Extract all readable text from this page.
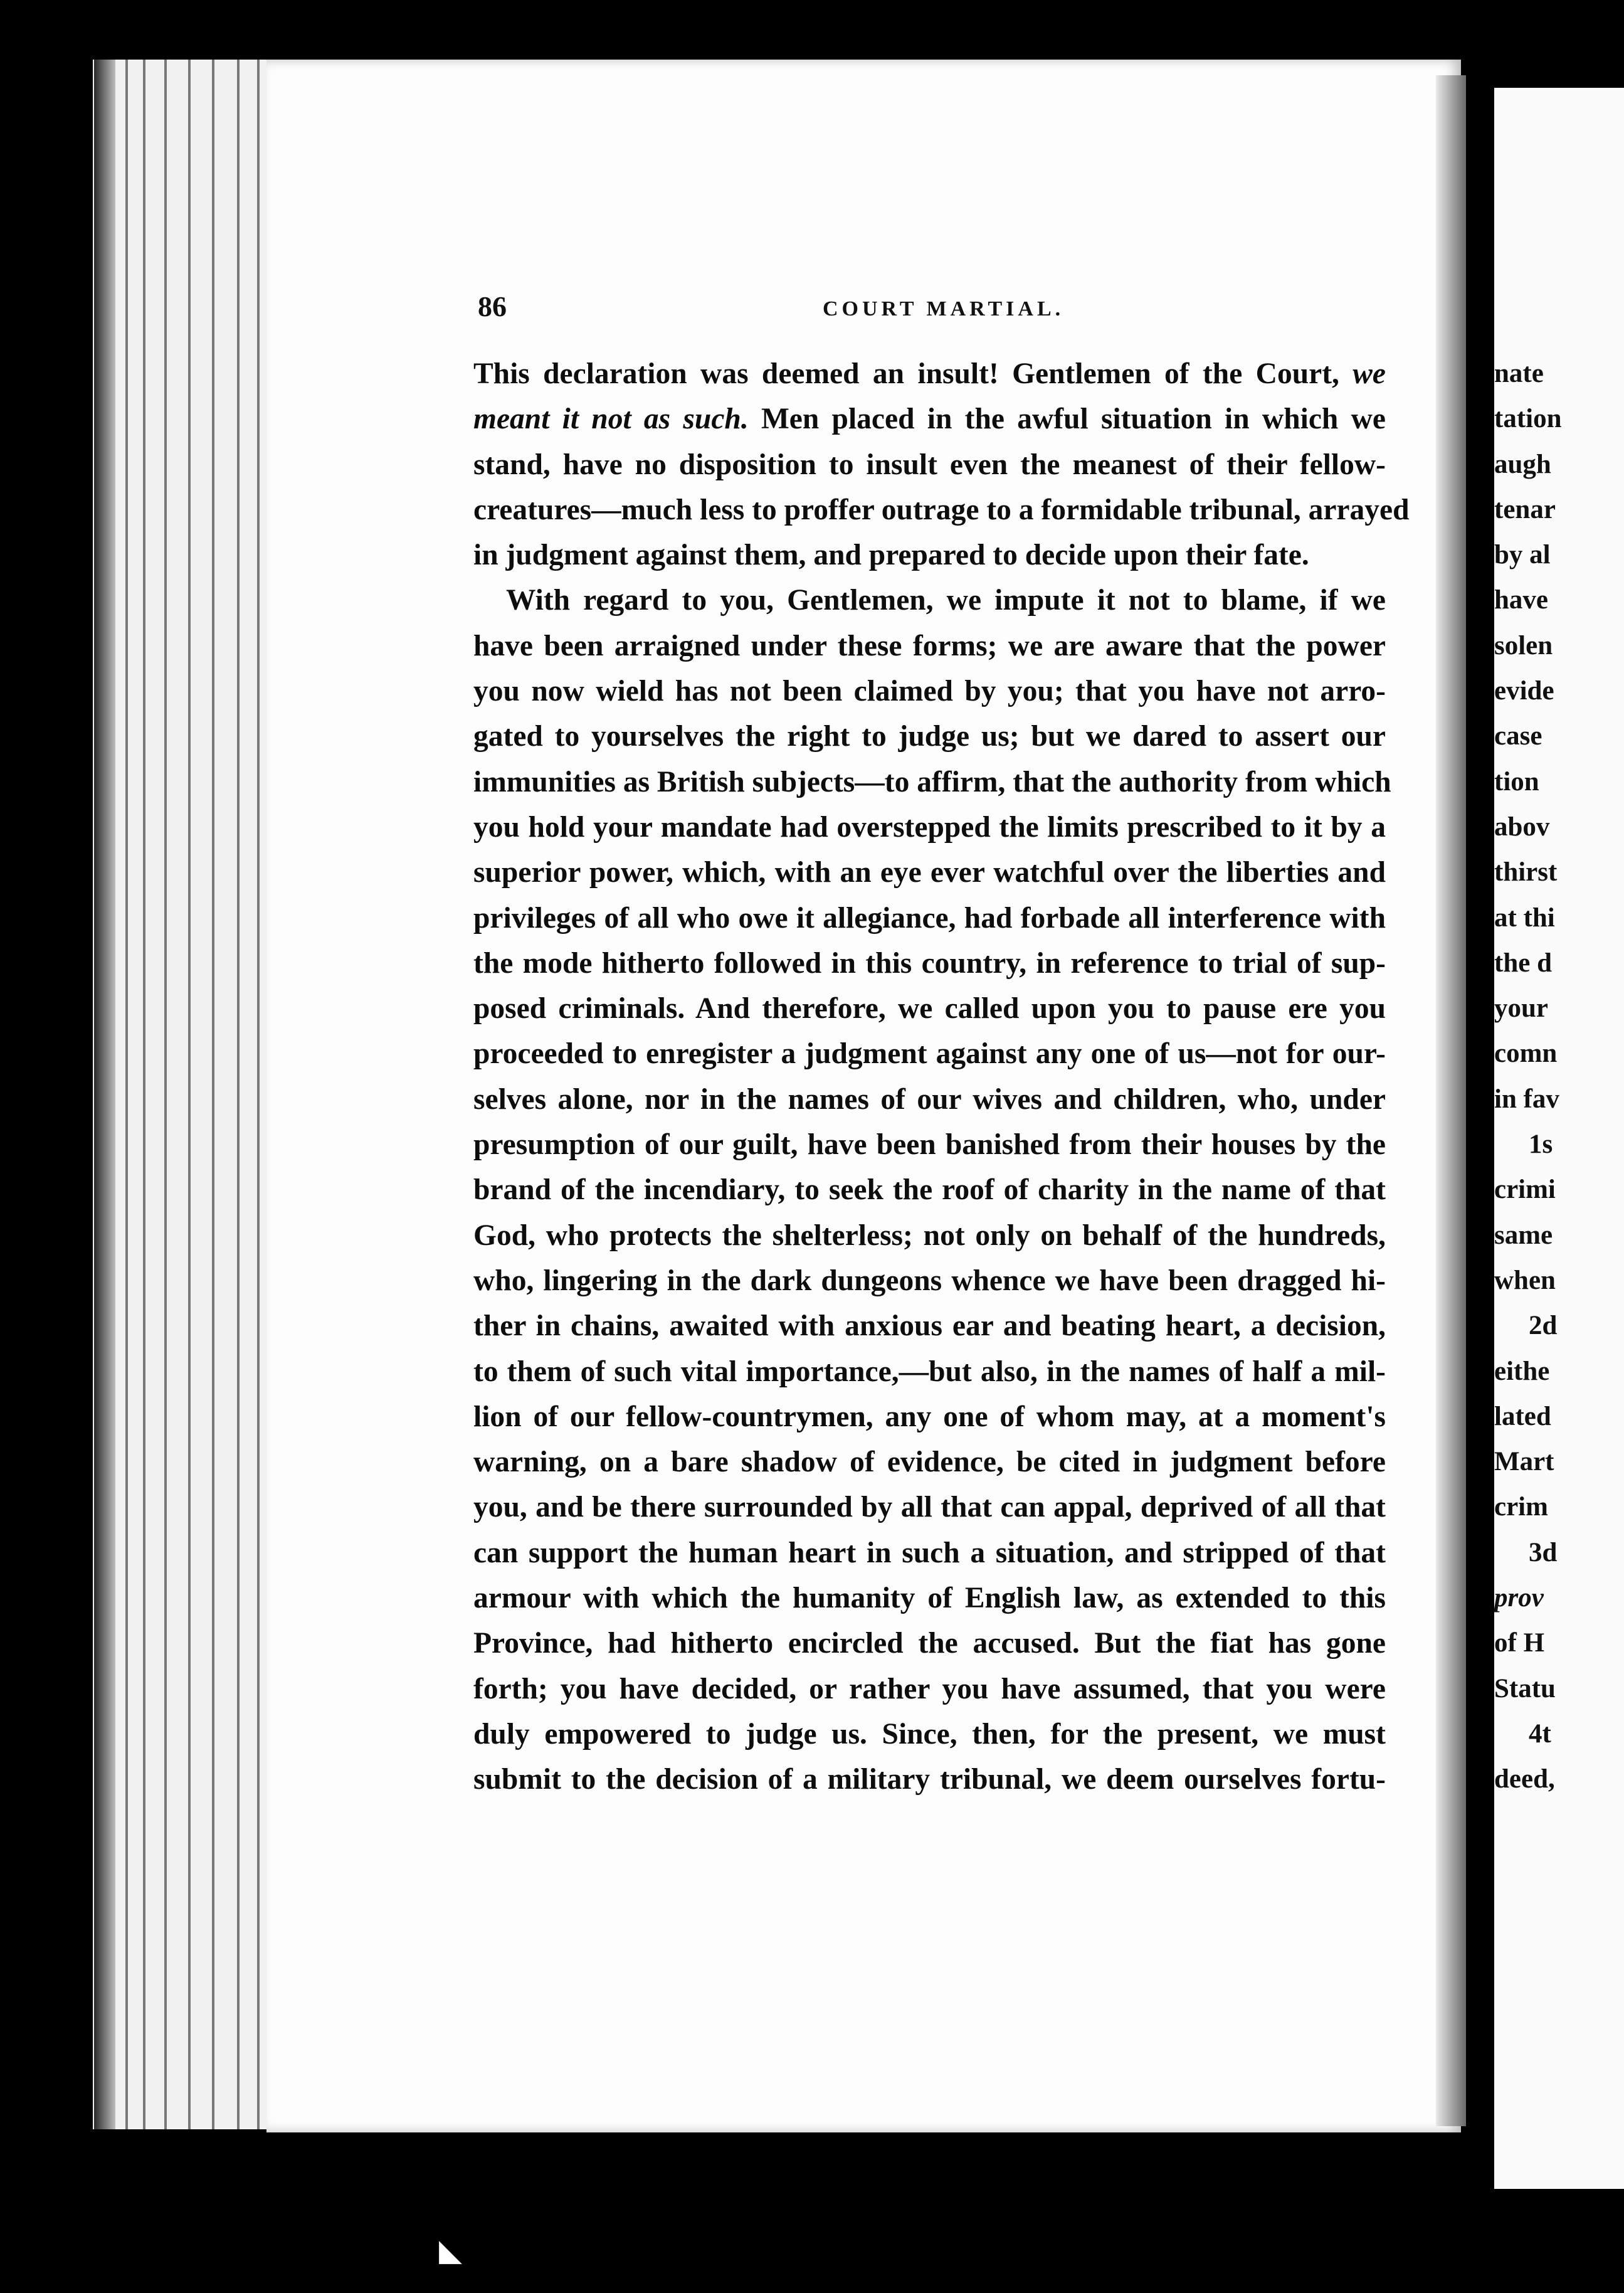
nate
tation
augh
tenar
by al
have
solen
evide
case
tion
abov
thirst
at thi
the d
your
comn
in fav
1s
crimi
same
when
2d
eithe
lated
Mart
crim
3d
prov
of H
Statu
4t
deed,
86	COURT MARTIAL.
This declaration was deemed an insult! Gentlemen of the Court, we
meant it not as such. Men placed in the awful situation in which we
stand, have no disposition to insult even the meanest of their fellow-
creatures—much less to proffer outrage to a formidable tribunal, arrayed
in judgment against them, and prepared to decide upon their fate.
With regard to you, Gentlemen, we impute it not to blame, if we
have been arraigned under these forms; we are aware that the power
you now wield has not been claimed by you; that you have not arro-
gated to yourselves the right to judge us; but we dared to assert our
immunities as British subjects—to affirm, that the authority from which
you hold your mandate had overstepped the limits prescribed to it by a
superior power, which, with an eye ever watchful over the liberties and
privileges of all who owe it allegiance, had forbade all interference with
the mode hitherto followed in this country, in reference to trial of sup-
posed criminals. And therefore, we called upon you to pause ere you
proceeded to enregister a judgment against any one of us—not for our-
selves alone, nor in the names of our wives and children, who, under
presumption of our guilt, have been banished from their houses by the
brand of the incendiary, to seek the roof of charity in the name of that
God, who protects the shelterless; not only on behalf of the hundreds,
who, lingering in the dark dungeons whence we have been dragged hi-
ther in chains, awaited with anxious ear and beating heart, a decision,
to them of such vital importance,—but also, in the names of half a mil-
lion of our fellow-countrymen, any one of whom may, at a moment's
warning, on a bare shadow of evidence, be cited in judgment before
you, and be there surrounded by all that can appal, deprived of all that
can support the human heart in such a situation, and stripped of that
armour with which the humanity of English law, as extended to this
Province, had hitherto encircled the accused. But the fiat has gone
forth; you have decided, or rather you have assumed, that you were
duly empowered to judge us. Since, then, for the present, we must
submit to the decision of a military tribunal, we deem ourselves fortu-
◣
